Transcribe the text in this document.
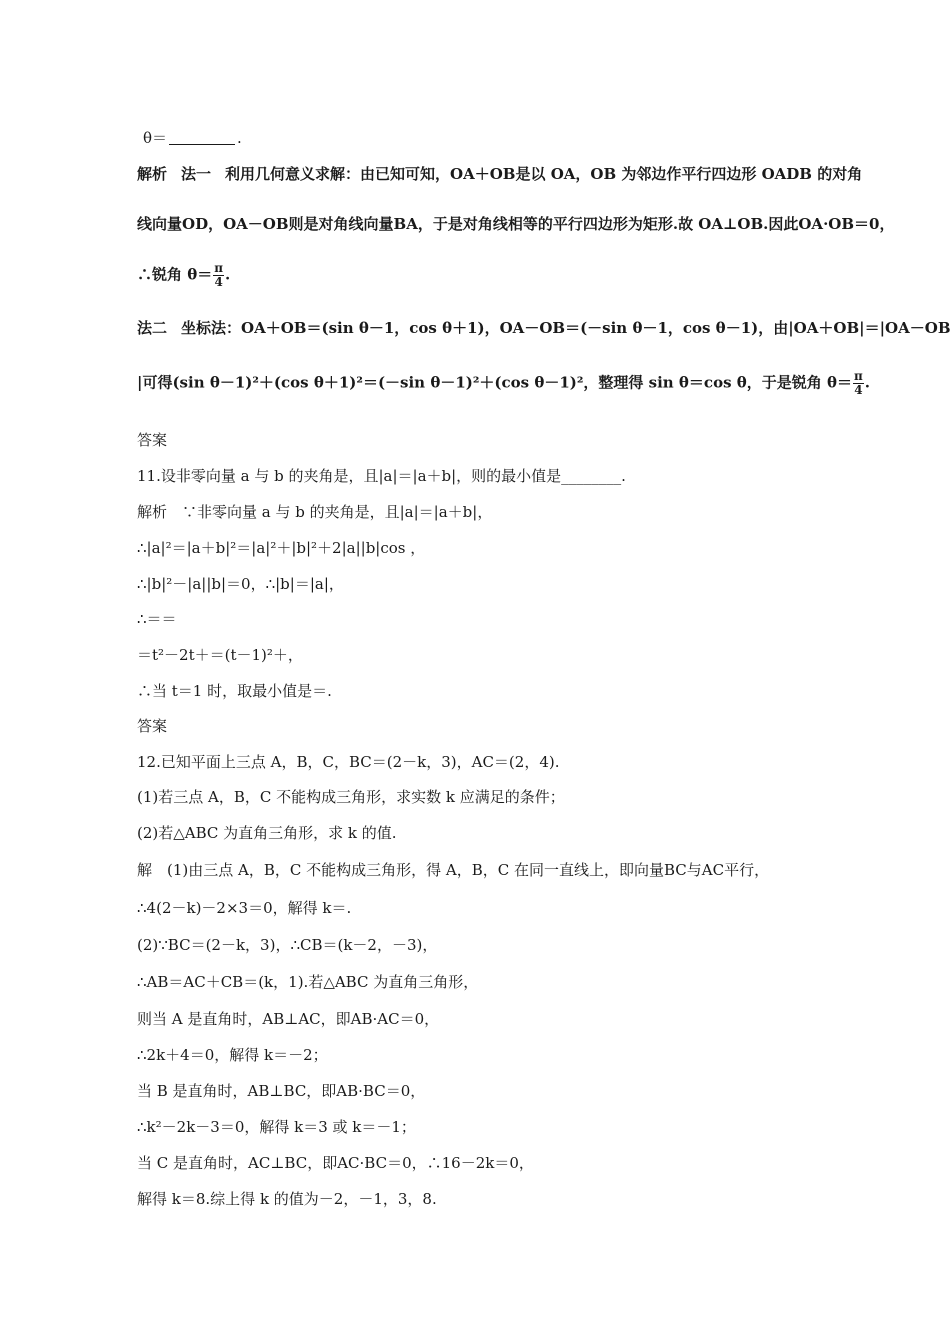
θ＝	.
解析 法一 利用几何意义求解：由已知可知，OA＋OB是以 OA，OB 为邻边作平行四边形 OADB 的对角
线向量OD，OA－OB则是对角线向量BA，于是对角线相等的平行四边形为矩形.故 OA⊥OB.因此OA·OB＝0，
∴锐角 $\theta= \frac{\pi}{4}$ .
法二 坐标法：OA＋OB＝(sin θ－1，cos θ＋1)，OA－OB＝(－sin θ－1，cos θ－1)，由|OA＋OB|＝|OA－OB
|可得(sin θ－1)²＋(cos θ＋1)²＝(－sin θ－1)²＋(cos θ－1)²，整理得 sin θ＝cos θ，于是锐角 $\theta= \frac{\pi}{4}$ .
答案
11.设非零向量 a 与 b 的夹角是，且|a|＝|a＋b|，则的最小值是________.
解析　∵非零向量 a 与 b 的夹角是，且|a|＝|a＋b|，
∴|a|²＝|a＋b|²＝|a|²＋|b|²＋2|a||b|cos ，
∴|b|²－|a||b|＝0，∴|b|＝|a|，
∴＝＝
＝t²－2t＋＝(t－1)²＋，
∴当 t＝1 时，取最小值是＝.
答案
12.已知平面上三点 A，B，C，BC＝(2－k，3)，AC＝(2，4).
(1)若三点 A，B，C 不能构成三角形，求实数 k 应满足的条件；
(2)若△ABC 为直角三角形，求 k 的值.
解　(1)由三点 A，B，C 不能构成三角形，得 A，B，C 在同一直线上，即向量BC与AC平行，
∴4(2－k)－2×3＝0，解得 k＝.
(2)∵BC＝(2－k，3)，∴CB＝(k－2，－3)，
∴AB＝AC＋CB＝(k，1).若△ABC 为直角三角形，
则当 A 是直角时，AB⊥AC，即AB·AC＝0，
∴2k＋4＝0，解得 k＝－2；
当 B 是直角时，AB⊥BC，即AB·BC＝0，
∴k²－2k－3＝0，解得 k＝3 或 k＝－1；
当 C 是直角时，AC⊥BC，即AC·BC＝0，∴16－2k＝0，
解得 k＝8.综上得 k 的值为－2，－1，3，8.
